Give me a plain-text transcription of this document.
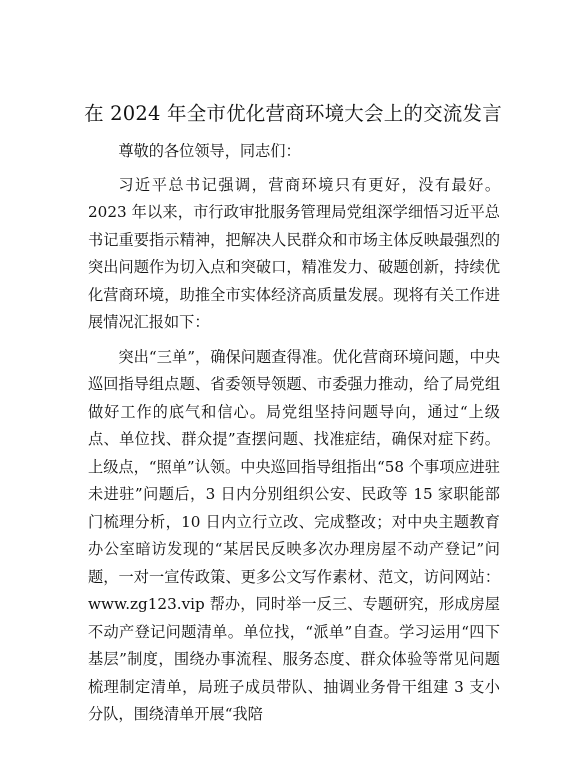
在 2024 年全市优化营商环境大会上的交流发言

尊敬的各位领导，同志们：

习近平总书记强调，营商环境只有更好，没有最好。2023 年以来，市行政审批服务管理局党组深学细悟习近平总书记重要指示精神，把解决人民群众和市场主体反映最强烈的突出问题作为切入点和突破口，精准发力、破题创新，持续优化营商环境，助推全市实体经济高质量发展。现将有关工作进展情况汇报如下：

突出“三单”，确保问题查得准。优化营商环境问题，中央巡回指导组点题、省委领导领题、市委强力推动，给了局党组做好工作的底气和信心。局党组坚持问题导向，通过“上级点、单位找、群众提”查摆问题、找准症结，确保对症下药。上级点，“照单”认领。中央巡回指导组指出“58 个事项应进驻未进驻”问题后，3 日内分别组织公安、民政等 15 家职能部门梳理分析，10 日内立行立改、完成整改；对中央主题教育办公室暗访发现的“某居民反映多次办理房屋不动产登记”问题，一对一宣传政策、更多公文写作素材、范文，访问网站：www.zg123.vip 帮办，同时举一反三、专题研究，形成房屋不动产登记问题清单。单位找，“派单”自查。学习运用“四下基层”制度，围绕办事流程、服务态度、群众体验等常见问题梳理制定清单，局班子成员带队、抽调业务骨干组建 3 支小分队，围绕清单开展“我陪
